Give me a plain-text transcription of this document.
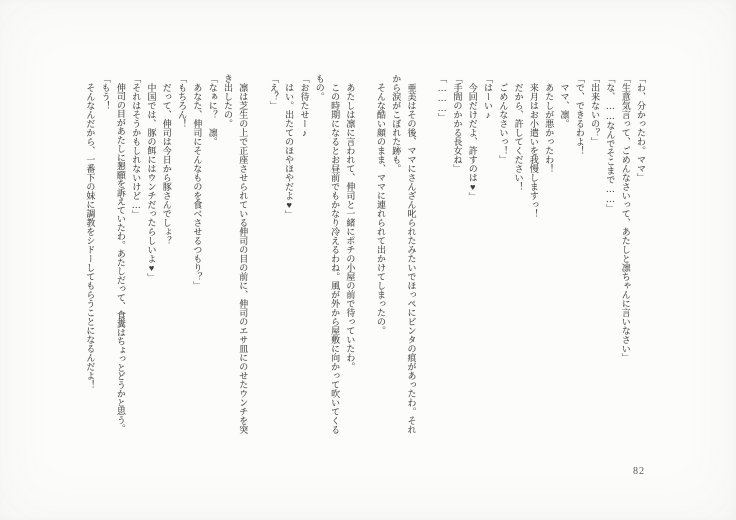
「わ、分かったわ。ママ」

「生意気言って、ごめんなさいって、あたしと凛ちゃんに言いなさい」

「な、……なんでそこまで……」

「出来ないの？」

「で、できるわよ！

ママ、凛。

あたしが悪かったわ！

来月はお小遣いを我慢しますっ！

だから、許してください！

ごめんなさいっ！」

「はーい♪

今回だけだよ、許すのは♥」

「手間のかかる長女ね」

「………」

亜美はその後、ママにさんざん叱られたみたいでほっぺにビンタの痕があったわ。それから涙がこぼれた跡も。

そんな酷い顔のまま、ママに連れられて出かけてしまったの。

あたしは凛に言われて、伸司と一緒にポチの小屋の前で待っていたわ。

この時期になるとお昼前でもかなり冷えるわね。風が外から屋敷に向かって吹いてくるもの。

「お待たせー♪

はい。出たてのほやほやだよ♥」

「え？」

凛は芝生の上で正座させられている伸司の目の前に、伸司のエサ皿にのせたウンチを突き出したの。

「なぁに？　凛。

あなた、伸司にそんなものを食べさせるつもり？」

「もちろん！

だって、伸司は今日から豚さんでしょ？

中国では、豚の餌にはウンチだったらしいよ♥」

「それはそうかもしれないけど…」

伸司の目があたしに懇願を訴えていたわ。あたしだって、食糞はちょっとどうかと思う。

「もう！

そんなんだから、一番下の妹に調教をシドーしてもらうことになるんだよ！

82
